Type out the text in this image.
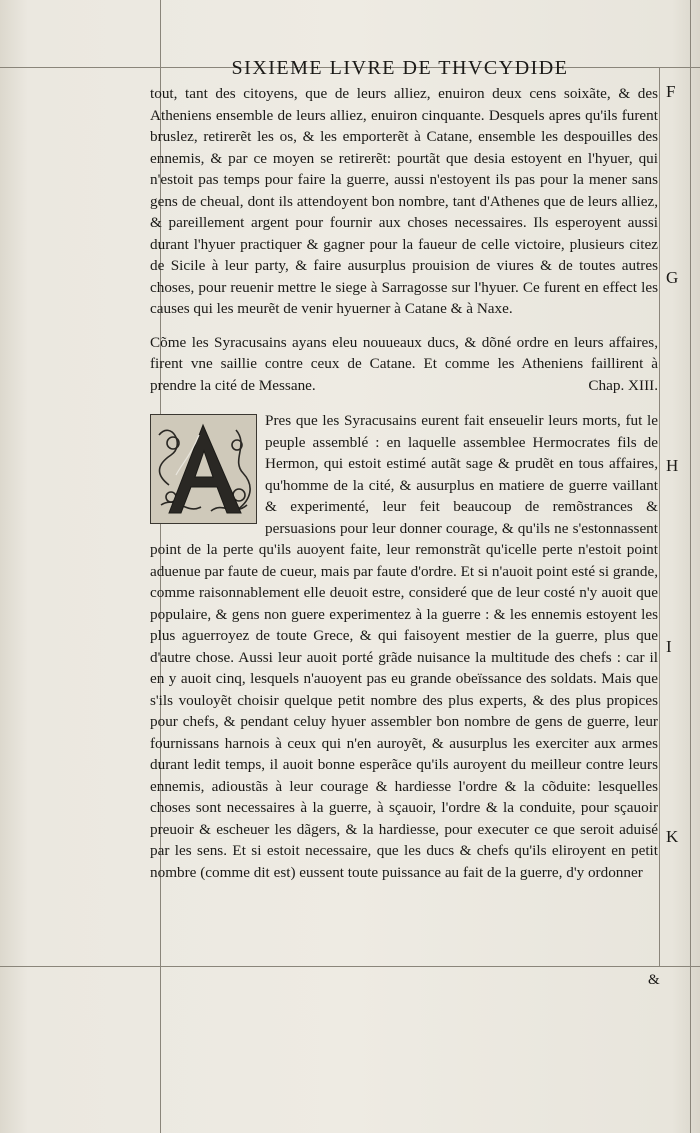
SIXIEME LIVRE DE THVCYDIDE

tout, tant des citoyens, que de leurs alliez, enuiron deux cens soixãte, & des Atheniens ensemble de leurs alliez, enuiron cinquante. Desquels apres qu'ils furent bruslez, retirerẽt les os, & les emporterẽt à Catane, ensemble les despouilles des ennemis, & par ce moyen se retirerẽt: pourtãt que desia estoyent en l'hyuer, qui n'estoit pas temps pour faire la guerre, aussi n'estoyent ils pas pour la mener sans gens de cheual, dont ils attendoyent bon nombre, tant d'Athenes que de leurs alliez, & pareillement argent pour fournir aux choses necessaires. Ils esperoyent aussi durant l'hyuer practiquer & gagner pour la faueur de celle victoire, plusieurs citez de Sicile à leur party, & faire ausurplus prouision de viures & de toutes autres choses, pour reuenir mettre le siege à Sarragosse sur l'hyuer. Ce furent en effect les causes qui les meurẽt de venir hyuerner à Catane & à Naxe.

Cõme les Syracusains ayans eleu nouueaux ducs, & dõné ordre en leurs affaires, firent vne saillie contre ceux de Catane. Et comme les Atheniens faillirent à prendre la cité de Messane.	Chap. XIII.

Pres que les Syracusains eurent fait enseuelir leurs morts, fut le peuple assemblé : en laquelle assemblee Hermocrates fils de Hermon, qui estoit estimé autãt sage & prudẽt en tous affaires, qu'homme de la cité, & ausurplus en matiere de guerre vaillant & experimenté, leur feit beaucoup de remõstrances & persuasions pour leur donner courage, & qu'ils ne s'estonnassent point de la perte qu'ils auoyent faite, leur remonstrãt qu'icelle perte n'estoit point aduenue par faute de cueur, mais par faute d'ordre. Et si n'auoit point esté si grande, comme raisonnablement elle deuoit estre, consideré que de leur costé n'y auoit que populaire, & gens non guere experimentez à la guerre : & les ennemis estoyent les plus aguerroyez de toute Grece, & qui faisoyent mestier de la guerre, plus que d'autre chose. Aussi leur auoit porté grãde nuisance la multitude des chefs : car il en y auoit cinq, lesquels n'auoyent pas eu grande obeïssance des soldats. Mais que s'ils vouloyẽt choisir quelque petit nombre des plus experts, & des plus propices pour chefs, & pendant celuy hyuer assembler bon nombre de gens de guerre, leur fournissans harnois à ceux qui n'en auroyẽt, & ausurplus les exerciter aux armes durant ledit temps, il auoit bonne esperãce qu'ils auroyent du meilleur contre leurs ennemis, adioustãs à leur courage & hardiesse l'ordre & la cõduite: lesquelles choses sont necessaires à la guerre, à sçauoir, l'ordre & la conduite, pour sçauoir preuoir & escheuer les dãgers, & la hardiesse, pour executer ce que seroit aduisé par les sens. Et si estoit necessaire, que les ducs & chefs qu'ils eliroyent en petit nombre (comme dit est) eussent toute puissance au fait de la guerre, d'y ordonner

F
G
H
I
K
&
